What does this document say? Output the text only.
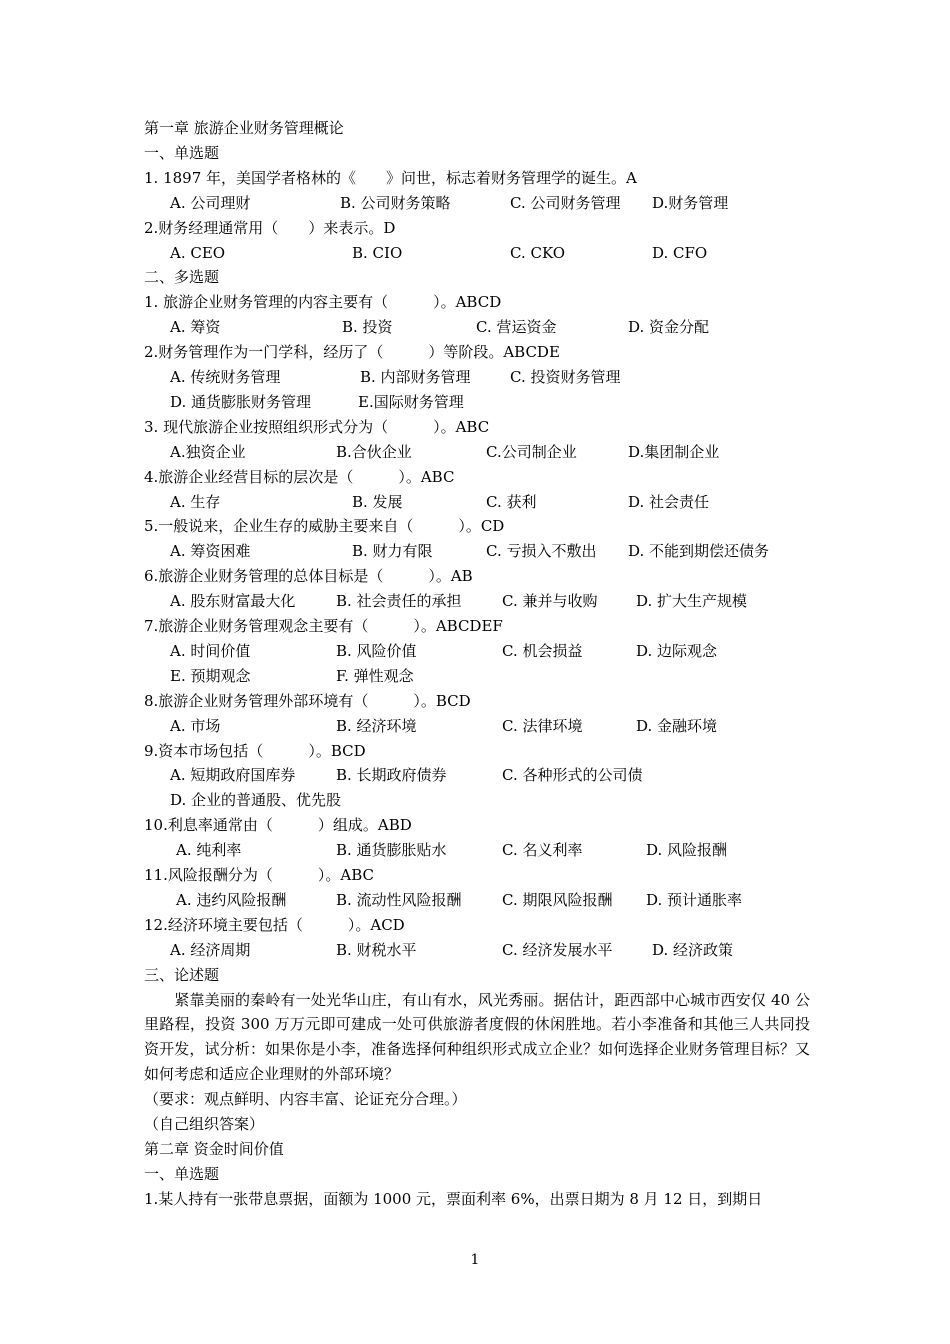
第一章 旅游企业财务管理概论
一、单选题
1. 1897 年，美国学者格林的《　　》问世，标志着财务管理学的诞生。A
A. 公司理财	B. 公司财务策略	C. 公司财务管理 D.财务管理
2.财务经理通常用（　　）来表示。D
A. CEO	B. CIO	C. CKO	D. CFO
二、多选题
1. 旅游企业财务管理的内容主要有（　　　）。ABCD
A. 筹资	B. 投资	C. 营运资金	D. 资金分配
2.财务管理作为一门学科，经历了（　　　）等阶段。ABCDE
A. 传统财务管理	B. 内部财务管理	C. 投资财务管理
D. 通货膨胀财务管理	E.国际财务管理
3. 现代旅游企业按照组织形式分为（　　　）。ABC
A.独资企业	B.合伙企业	C.公司制企业	D.集团制企业
4.旅游企业经营目标的层次是（　　　）。ABC
A. 生存	B. 发展	C. 获利	D. 社会责任
5.一般说来，企业生存的威胁主要来自（　　　）。CD
A. 筹资困难	B. 财力有限	C. 亏损入不敷出 D. 不能到期偿还债务
6.旅游企业财务管理的总体目标是（　　　）。AB
A. 股东财富最大化	B. 社会责任的承担	C. 兼并与收购	D. 扩大生产规模
7.旅游企业财务管理观念主要有（　　　）。ABCDEF
A. 时间价值	B. 风险价值	C. 机会损益	D. 边际观念
E. 预期观念	F. 弹性观念
8.旅游企业财务管理外部环境有（　　　）。BCD
A. 市场	B. 经济环境	C. 法律环境	D. 金融环境
9.资本市场包括（　　　）。BCD
A. 短期政府国库券	B. 长期政府债券	C. 各种形式的公司债
D. 企业的普通股、优先股
10.利息率通常由（　　　）组成。ABD
A. 纯利率	B. 通货膨胀贴水	C. 名义利率	D. 风险报酬
11.风险报酬分为（　　　）。ABC
A. 违约风险报酬	B. 流动性风险报酬	C. 期限风险报酬 D. 预计通胀率
12.经济环境主要包括（　　　）。ACD
A. 经济周期	B. 财税水平	C. 经济发展水平	D. 经济政策
三、论述题
　　紧靠美丽的秦岭有一处光华山庄，有山有水，风光秀丽。据估计，距西部中心城市西安仅 40 公里路程，投资 300 万万元即可建成一处可供旅游者度假的休闲胜地。若小李准备和其他三人共同投资开发，试分析：如果你是小李，准备选择何种组织形式成立企业？如何选择企业财务管理目标？又如何考虑和适应企业理财的外部环境？
（要求：观点鲜明、内容丰富、论证充分合理。）
（自己组织答案）
第二章 资金时间价值
一、单选题
1.某人持有一张带息票据，面额为 1000 元，票面利率 6%，出票日期为 8 月 12 日，到期日
1
